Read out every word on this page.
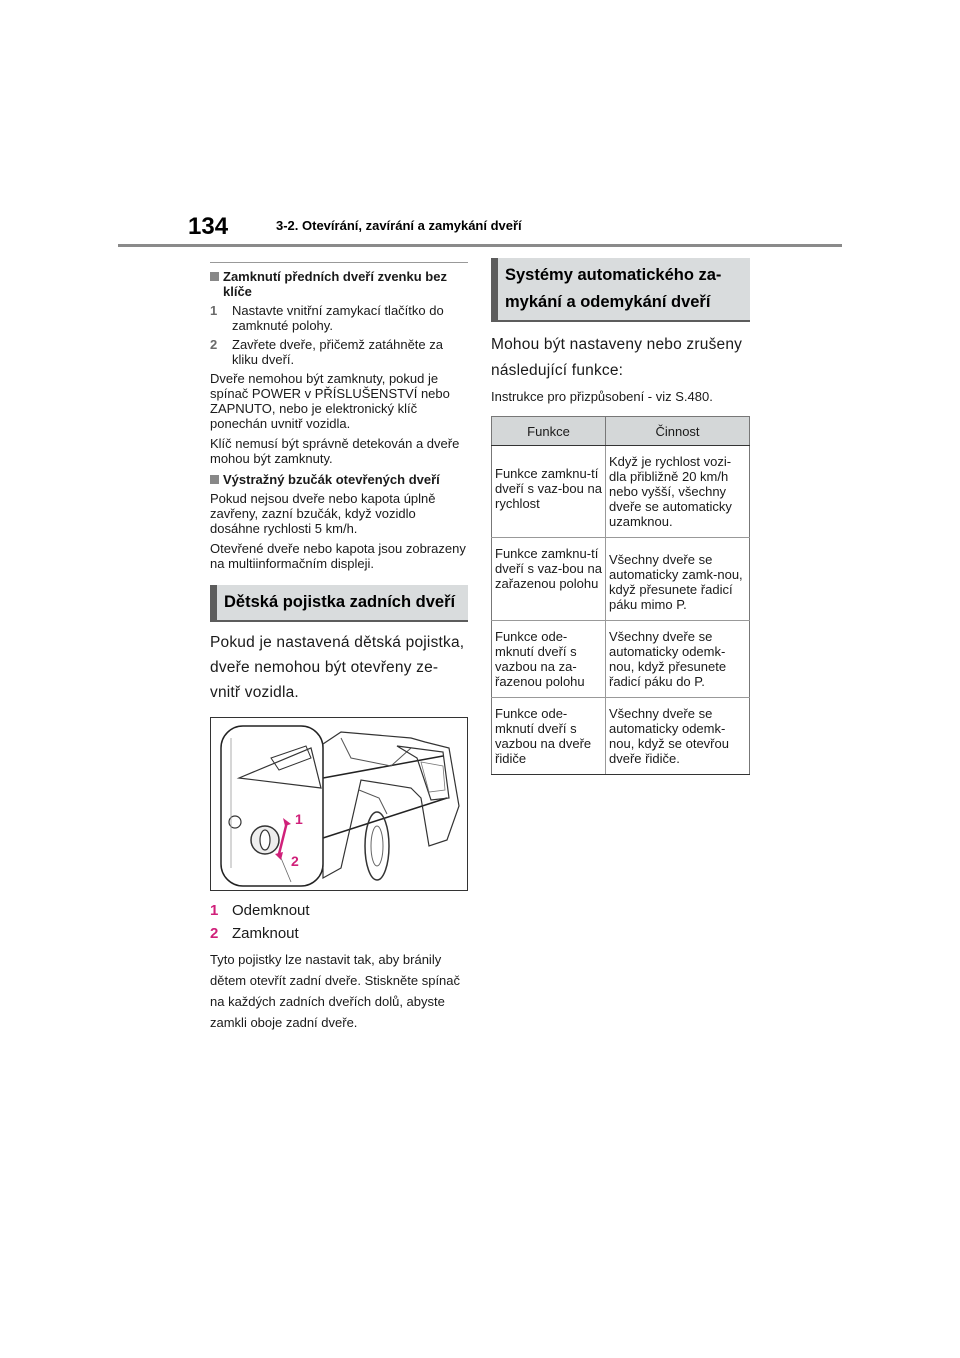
134	3-2. Otevírání, zavírání a zamykání dveří
Zamknutí předních dveří zvenku bez klíče
1	Nastavte vnitřní zamykací tlačítko do zamknuté polohy.
2	Zavřete dveře, přičemž zatáhněte za kliku dveří.

Dveře nemohou být zamknuty, pokud je spínač POWER v PŘÍSLUŠENSTVÍ nebo ZAPNUTO, nebo je elektronický klíč ponechán uvnitř vozidla.

Klíč nemusí být správně detekován a dveře mohou být zamknuty.

Výstražný bzučák otevřených dveří

Pokud nejsou dveře nebo kapota úplně zavřeny, zazní bzučák, když vozidlo dosáhne rychlosti 5 km/h.

Otevřené dveře nebo kapota jsou zobrazeny na multiinformačním displeji.

Dětská pojistka zadních dveří

Pokud je nastavená dětská pojistka, dveře nemohou být otevřeny ze-vnitř vozidla.

1
2
1 Odemknout
2 Zamknout

Tyto pojistky lze nastavit tak, aby bránily dětem otevřít zadní dveře. Stiskněte spínač na každých zadních dveřích dolů, abyste zamkli oboje zadní dveře.

Systémy automatického za-mykání a odemykání dveří

Mohou být nastaveny nebo zrušeny následující funkce:

Instrukce pro přizpůsobení - viz S.480.

Funkce	Činnost
Funkce zamknu-tí dveří s vaz-bou na rychlost	Když je rychlost vozi-dla přibližně 20 km/h nebo vyšší, všechny dveře se automaticky uzamknou.
Funkce zamknu-tí dveří s vaz-bou na zařazenou polohu	Všechny dveře se automaticky zamk-nou, když přesunete řadicí páku mimo P.
Funkce ode-mknutí dveří s vazbou na za-řazenou polohu	Všechny dveře se automaticky odemk-nou, když přesunete řadicí páku do P.
Funkce ode-mknutí dveří s vazbou na dveře řidiče	Všechny dveře se automaticky odemk-nou, když se otevřou dveře řidiče.
